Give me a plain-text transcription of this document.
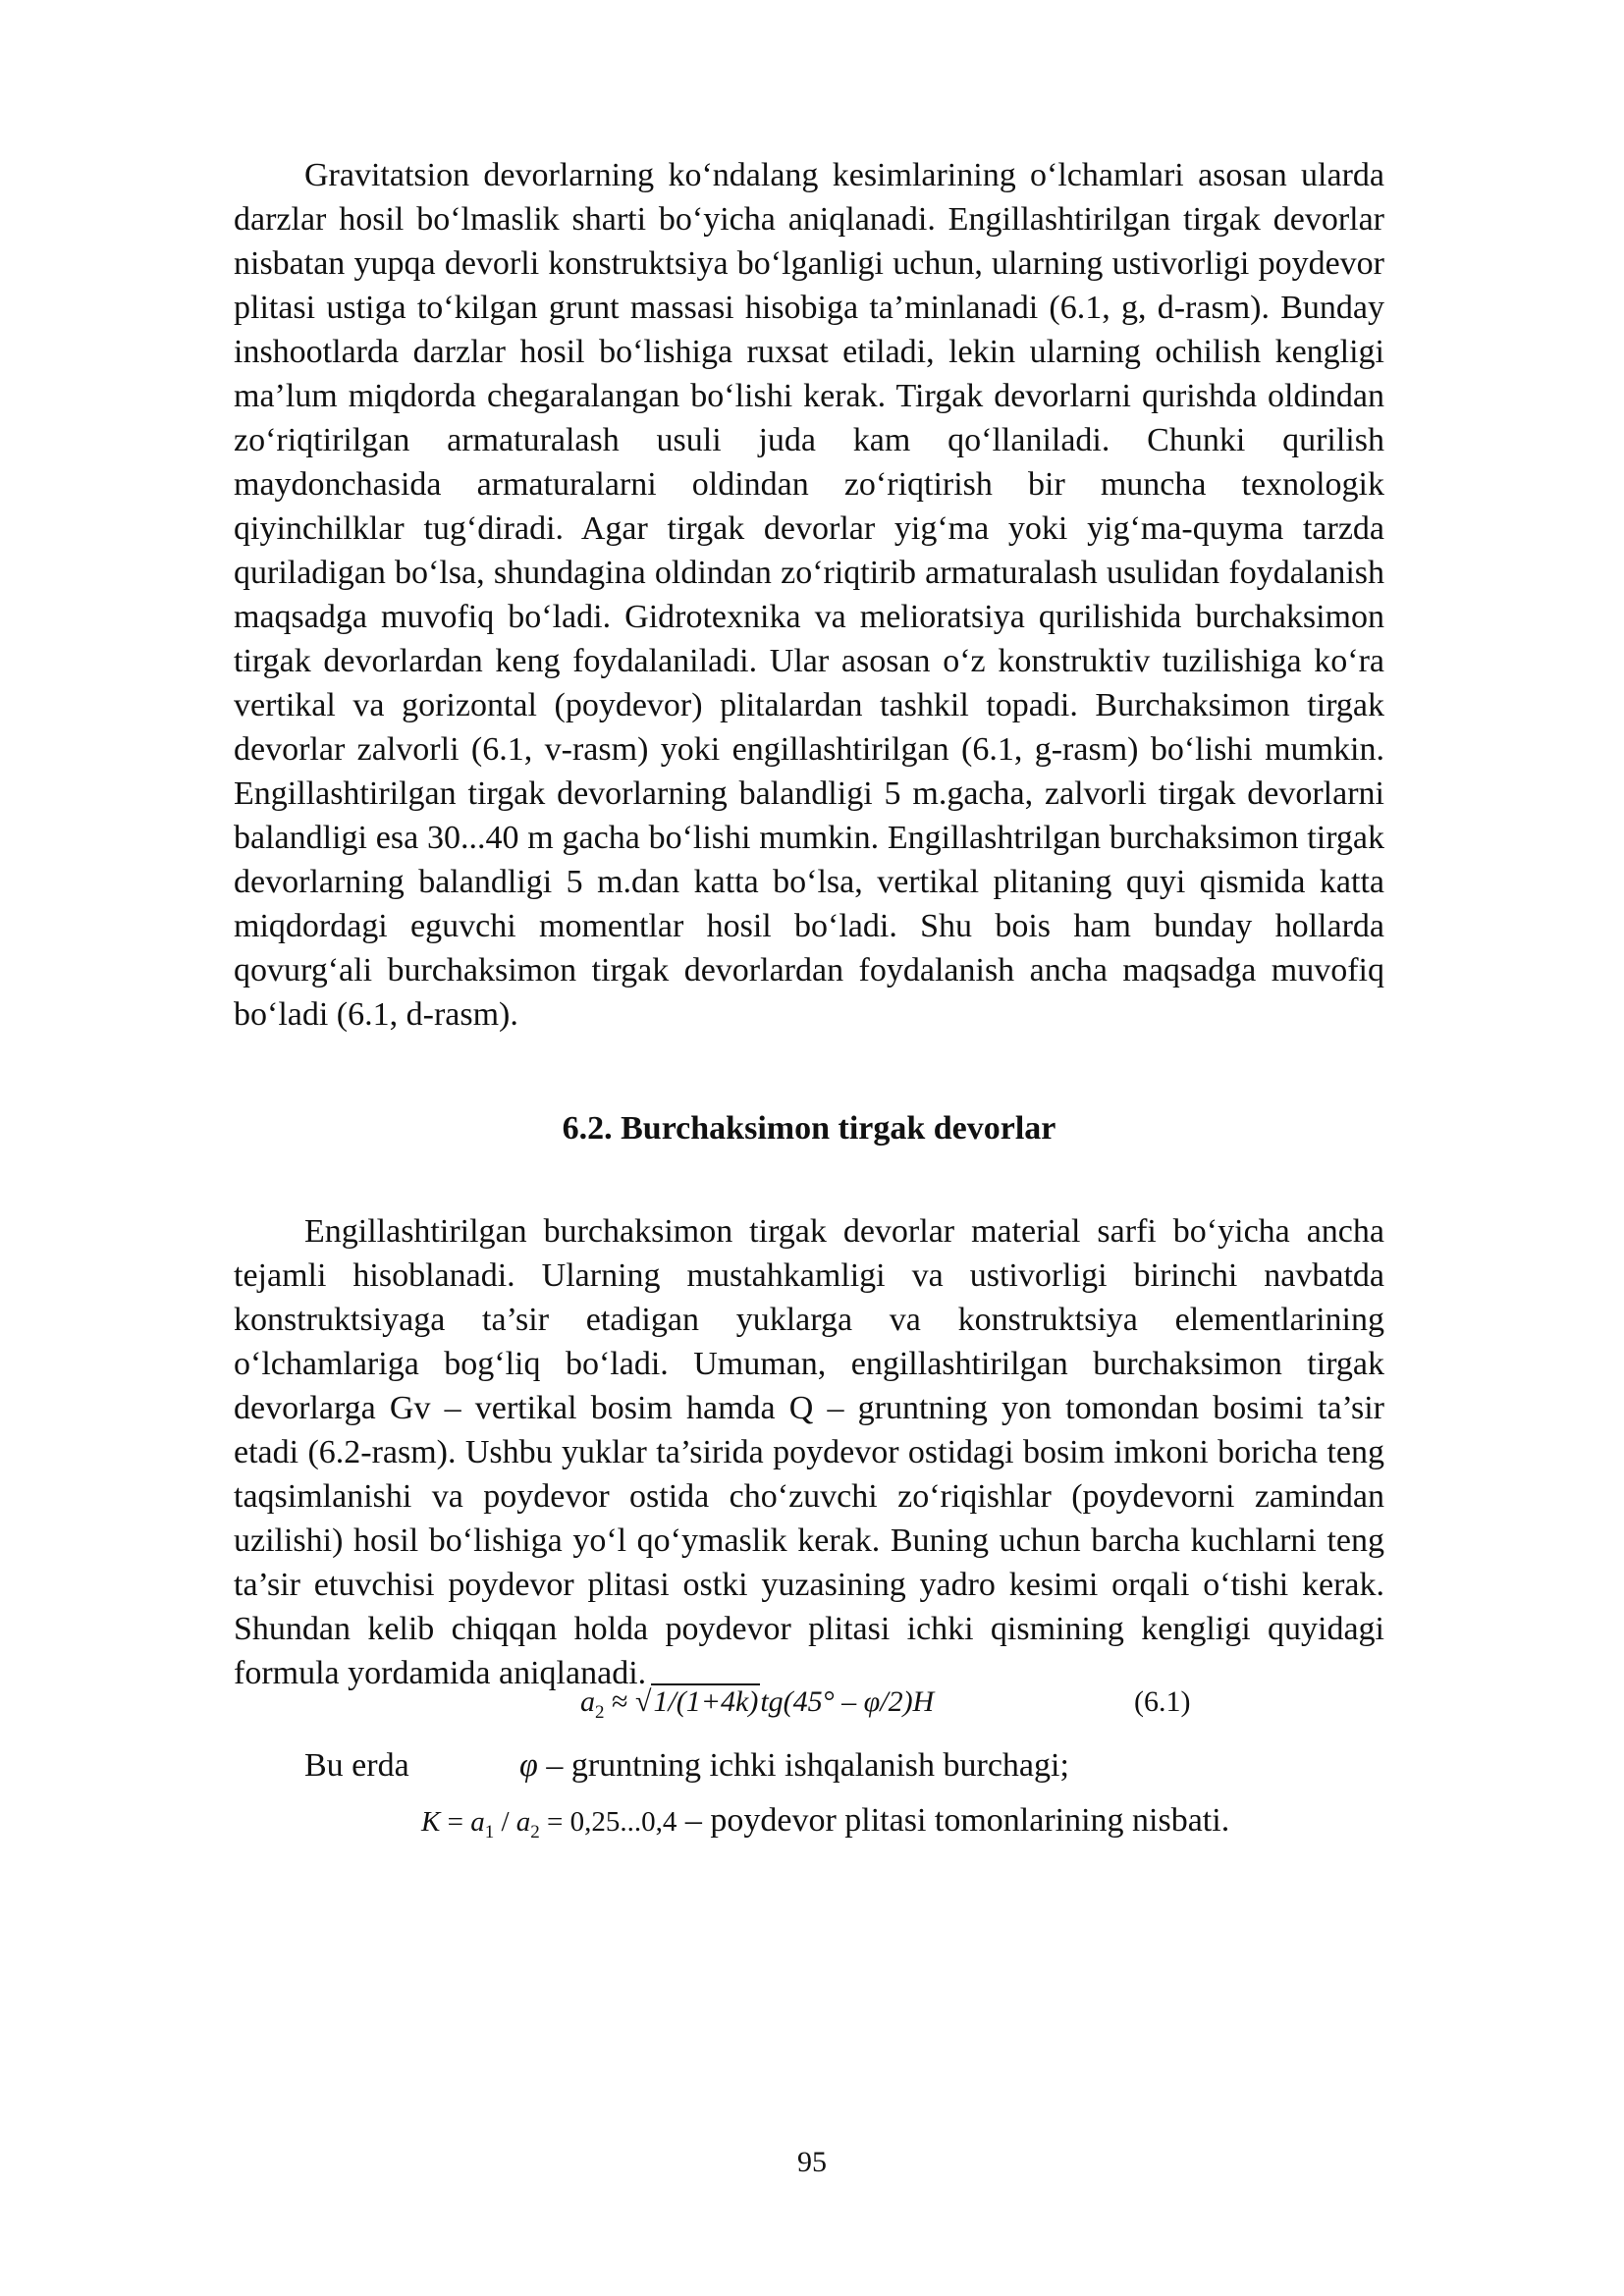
Gravitatsion devorlarning ko‘ndalang kesimlarining o‘lchamlari asosan ularda darzlar hosil bo‘lmaslik sharti bo‘yicha aniqlanadi. Engillashtirilgan tirgak devorlar nisbatan yupqa devorli konstruktsiya bo‘lganligi uchun, ularning ustivorligi poydevor plitasi ustiga to‘kilgan grunt massasi hisobiga ta’minlanadi (6.1, g, d-rasm). Bunday inshootlarda darzlar hosil bo‘lishiga ruxsat etiladi, lekin ularning ochilish kengligi ma’lum miqdorda chegaralangan bo‘lishi kerak. Tirgak devorlarni qurishda oldindan zo‘riqtirilgan armaturalash usuli juda kam qo‘llaniladi. Chunki qurilish maydonchasida armaturalarni oldindan zo‘riqtirish bir muncha texnologik qiyinchilklar tug‘diradi. Agar tirgak devorlar yig‘ma yoki yig‘ma-quyma tarzda quriladigan bo‘lsa, shundagina oldindan zo‘riqtirib armaturalash usulidan foydalanish maqsadga muvofiq bo‘ladi. Gidrotexnika va melioratsiya qurilishida burchaksimon tirgak devorlardan keng foydalaniladi. Ular asosan o‘z konstruktiv tuzilishiga ko‘ra vertikal va gorizontal (poydevor) plitalardan tashkil topadi. Burchaksimon tirgak devorlar zalvorli (6.1, v-rasm) yoki engillashtirilgan (6.1, g-rasm) bo‘lishi mumkin. Engillashtirilgan tirgak devorlarning balandligi 5 m.gacha, zalvorli tirgak devorlarni balandligi esa 30...40 m gacha bo‘lishi mumkin. Engillashtrilgan burchaksimon tirgak devorlarning balandligi 5 m.dan katta bo‘lsa, vertikal plitaning quyi qismida katta miqdordagi eguvchi momentlar hosil bo‘ladi. Shu bois ham bunday hollarda qovurg‘ali burchaksimon tirgak devorlardan foydalanish ancha maqsadga muvofiq bo‘ladi (6.1, d-rasm).

6.2. Burchaksimon tirgak devorlar

Engillashtirilgan burchaksimon tirgak devorlar material sarfi bo‘yicha ancha tejamli hisoblanadi. Ularning mustahkamligi va ustivorligi birinchi navbatda konstruktsiyaga ta’sir etadigan yuklarga va konstruktsiya elementlarining o‘lchamlariga bog‘liq bo‘ladi. Umuman, engillashtirilgan burchaksimon tirgak devorlarga Gv – vertikal bosim hamda Q – gruntning yon tomondan bosimi ta’sir etadi (6.2-rasm). Ushbu yuklar ta’sirida poydevor ostidagi bosim imkoni boricha teng taqsimlanishi va poydevor ostida cho‘zuvchi zo‘riqishlar (poydevorni zamindan uzilishi) hosil bo‘lishiga yo‘l qo‘ymaslik kerak. Buning uchun barcha kuchlarni teng ta’sir etuvchisi poydevor plitasi ostki yuzasining yadro kesimi orqali o‘tishi kerak. Shundan kelib chiqqan holda poydevor plitasi ichki qismining kengligi quyidagi formula yordamida aniqlanadi.

$a_2 \approx √1/(1+4k)tg(45^\circ - \varphi/2)H$	(6.1)
Bu erda	φ – gruntning ichki ishqalanish burchagi;
$K = a_1 / a_2 = 0,25...0,4$ – poydevor plitasi tomonlarining nisbati.
95
